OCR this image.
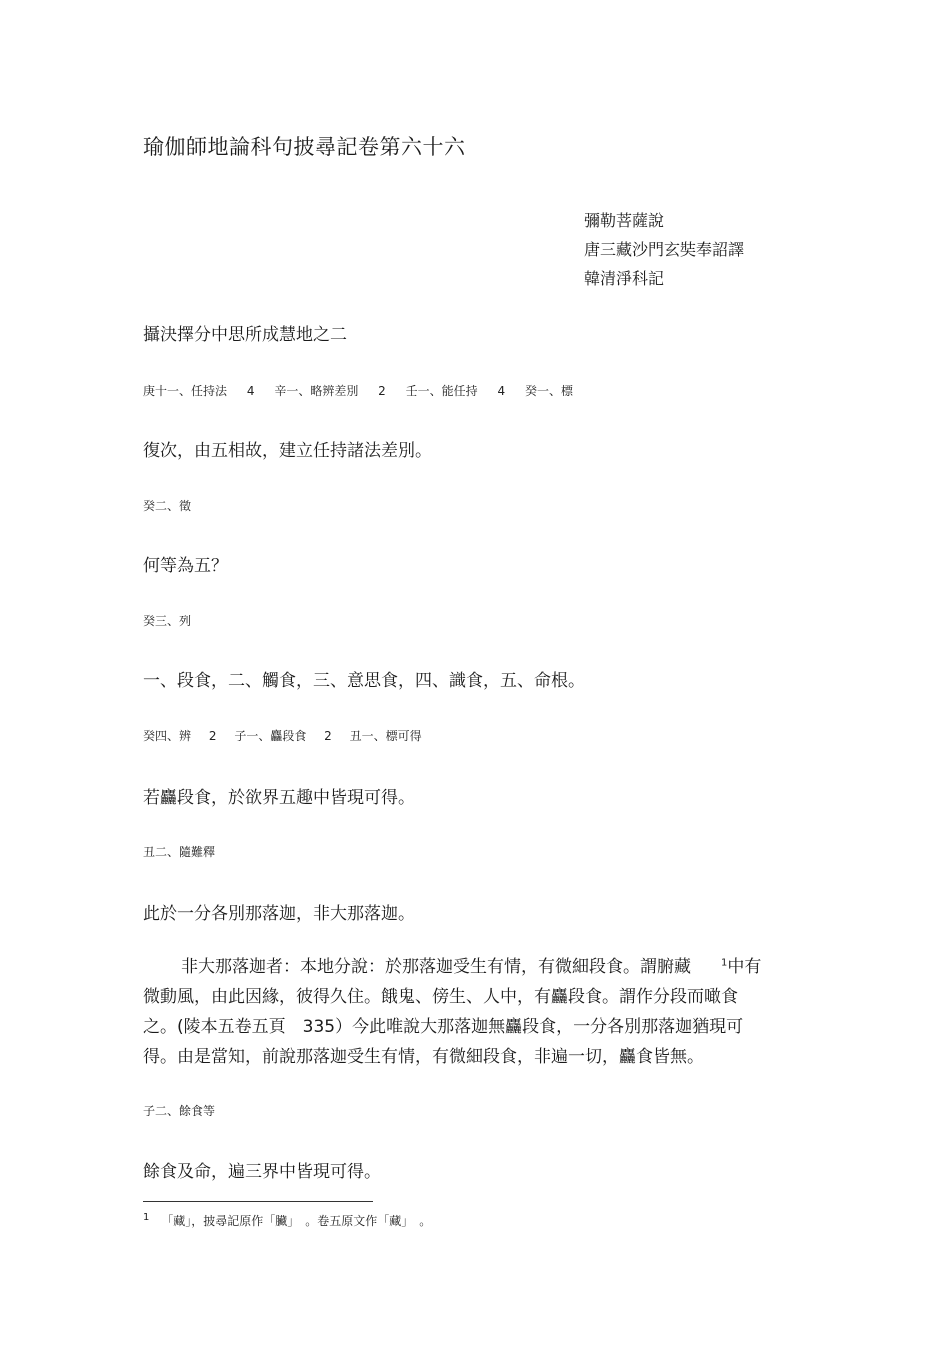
瑜伽師地論科句披尋記卷第六十六
彌勒菩薩說
唐三藏沙門玄奘奉詔譯
韓清淨科記
攝決擇分中思所成慧地之二
庚十一、任持法 4 辛一、略辨差別 2 壬一、能任持 4 癸一、標
復次，由五相故，建立任持諸法差別。
癸二、徵
何等為五？
癸三、列
一、段食，二、觸食，三、意思食，四、識食，五、命根。
癸四、辨 2 子一、麤段食 2 丑一、標可得
若麤段食，於欲界五趣中皆現可得。
丑二、隨難釋
此於一分各別那落迦，非大那落迦。
非大那落迦者：本地分說：於那落迦受生有情，有微細段食。謂腑藏	$^1$中有
微動風，由此因緣，彼得久住。餓鬼、傍生、人中，有麤段食。謂作分段而噉食
之。(陵本五卷五頁　335）今此唯說大那落迦無麤段食，一分各別那落迦猶現可
得。由是當知，前說那落迦受生有情，有微細段食，非遍一切，麤食皆無。
子二、餘食等
餘食及命，遍三界中皆現可得。
$^1$ 「藏」，披尋記原作「臟」　。卷五原文作「藏」　。
